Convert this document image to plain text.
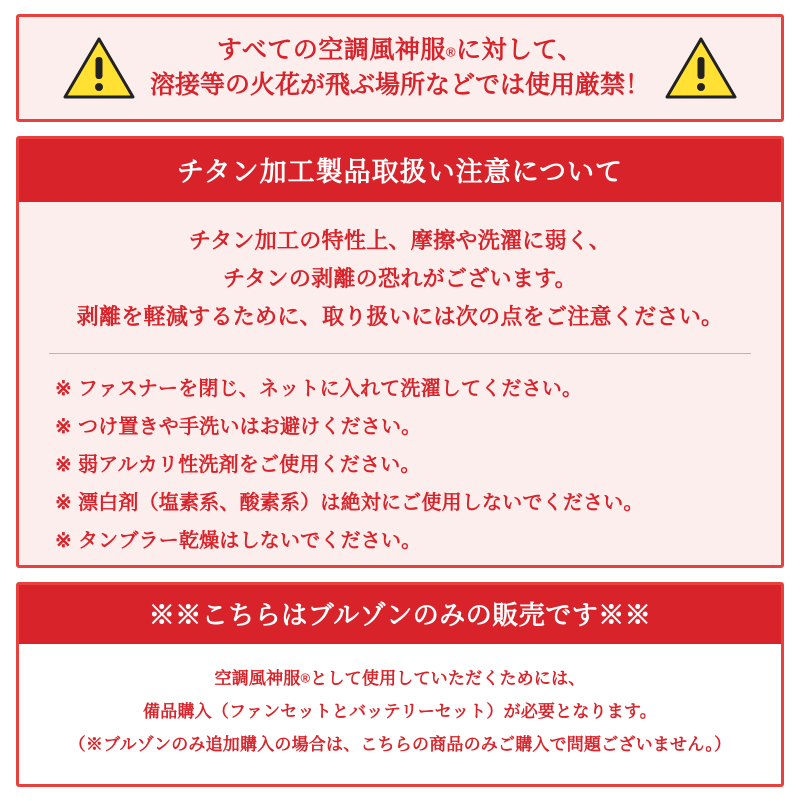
すべての空調風神服®に対して、
溶接等の火花が飛ぶ場所などでは使用厳禁！
チタン加工製品取扱い注意について
チタン加工の特性上、摩擦や洗濯に弱く、
チタンの剥離の恐れがございます。
剥離を軽減するために、取り扱いには次の点をご注意ください。
※ ファスナーを閉じ、ネットに入れて洗濯してください。
※ つけ置きや手洗いはお避けください。
※ 弱アルカリ性洗剤をご使用ください。
※ 漂白剤（塩素系、酸素系）は絶対にご使用しないでください。
※ タンブラー乾燥はしないでください。
※※こちらはブルゾンのみの販売です※※
空調風神服®として使用していただくためには、
備品購入（ファンセットとバッテリーセット）が必要となります。
（※ブルゾンのみ追加購入の場合は、こちらの商品のみご購入で問題ございません。）
